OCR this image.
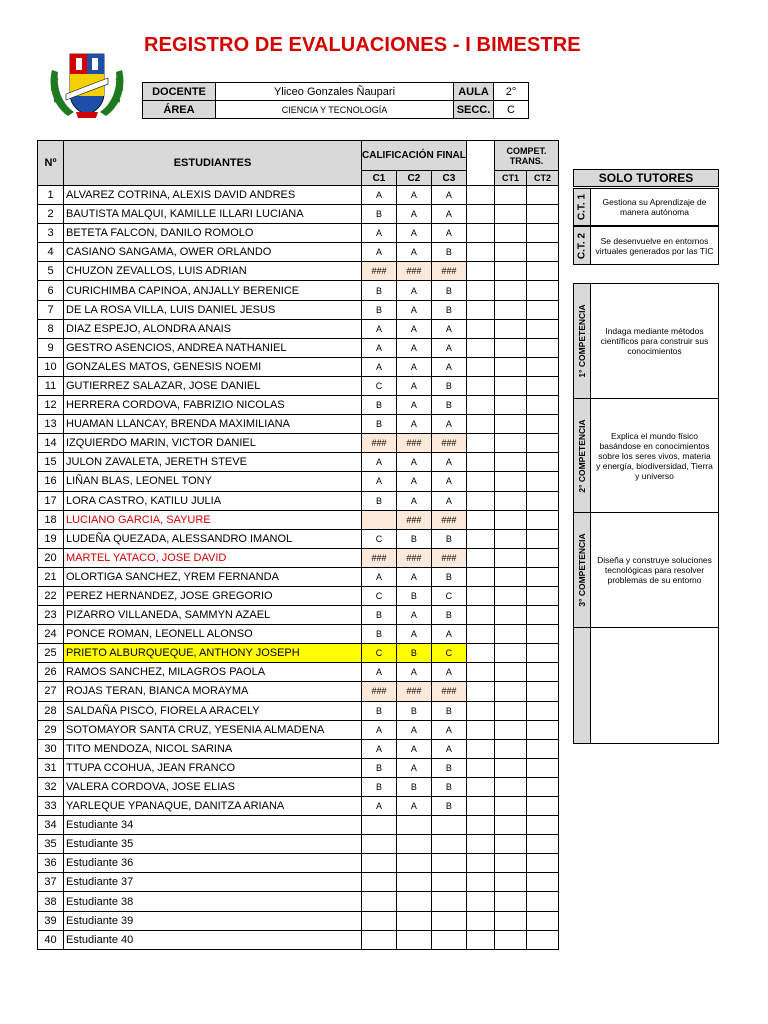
REGISTRO DE EVALUACIONES - I BIMESTRE
DOCENTE	Yliceo Gonzales Ñaupari	AULA	2°
ÁREA	CIENCIA Y TECNOLOGÍA	SECC.	C
Nº	ESTUDIANTES	CALIFICACIÓN FINAL			
		C1	C2	C3	
1	ALVAREZ COTRINA, ALEXIS DAVID ANDRES	A	A	A	
2	BAUTISTA MALQUI, KAMILLE ILLARI LUCIANA	B	A	A	
3	BETETA FALCON, DANILO ROMOLO	A	A	A	
4	CASIANO SANGAMA, OWER ORLANDO	A	A	B	
5	CHUZON ZEVALLOS, LUIS ADRIAN	###	###	###	
6	CURICHIMBA CAPINOA, ANJALLY BERENICE	B	A	B	
7	DE LA ROSA VILLA, LUIS DANIEL JESUS	B	A	B	
8	DIAZ ESPEJO, ALONDRA ANAIS	A	A	A	
9	GESTRO ASENCIOS, ANDREA NATHANIEL	A	A	A	
10	GONZALES MATOS, GENESIS NOEMI	A	A	A	
11	GUTIERREZ SALAZAR, JOSE DANIEL	C	A	B	
12	HERRERA CORDOVA, FABRIZIO NICOLAS	B	A	B	
13	HUAMAN LLANCAY, BRENDA MAXIMILIANA	B	A	A	
14	IZQUIERDO MARIN, VICTOR DANIEL	###	###	###	
15	JULON ZAVALETA, JERETH STEVE	A	A	A	
16	LIÑAN BLAS, LEONEL TONY	A	A	A	
17	LORA CASTRO, KATILU JULIA	B	A	A	
18	LUCIANO GARCIA, SAYURE		###	###	
19	LUDEÑA QUEZADA, ALESSANDRO IMANOL	C	B	B	
20	MARTEL YATACO, JOSE DAVID	###	###	###	
21	OLORTIGA SANCHEZ, YREM FERNANDA	A	A	B	
22	PEREZ HERNANDEZ, JOSE GREGORIO	C	B	C	
23	PIZARRO VILLANEDA, SAMMYN AZAEL	B	A	B	
24	PONCE ROMAN, LEONELL ALONSO	B	A	A	
25	PRIETO ALBURQUEQUE, ANTHONY JOSEPH	C	B	C	
26	RAMOS SANCHEZ, MILAGROS PAOLA	A	A	A	
27	ROJAS TERAN, BIANCA MORAYMA	###	###	###	
28	SALDAÑA PISCO, FIORELA ARACELY	B	B	B	
29	SOTOMAYOR SANTA CRUZ, YESENIA ALMADENA	A	A	A	
30	TITO MENDOZA, NICOL SARINA	A	A	A	
31	TTUPA CCOHUA, JEAN FRANCO	B	A	B	
32	VALERA CORDOVA, JOSE ELIAS	B	B	B	
33	YARLEQUE YPANAQUE, DANITZA ARIANA	A	A	B	
34	Estudiante 34				
35	Estudiante 35				
36	Estudiante 36				
37	Estudiante 37				
38	Estudiante 38				
39	Estudiante 39				
40	Estudiante 40				
COMPET.
TRANS.	
CT1	CT2

		SOLO TUTORES
C.T. 1	Gestiona su Aprendizaje de manera autónoma
C.T. 2	Se desenvuelve en entornos virtuales generados por las TIC
1° COMPETENCIA	Indaga mediante métodos científicos para construir sus conocimientos
2° COMPETENCIA	Explica el mundo físico basándose en conocimientos sobre los seres vivos, materia y energía, biodiversidad, Tierra y universo
3° COMPETENCIA	Diseña y construye soluciones tecnológicas para resolver problemas de su entorno
